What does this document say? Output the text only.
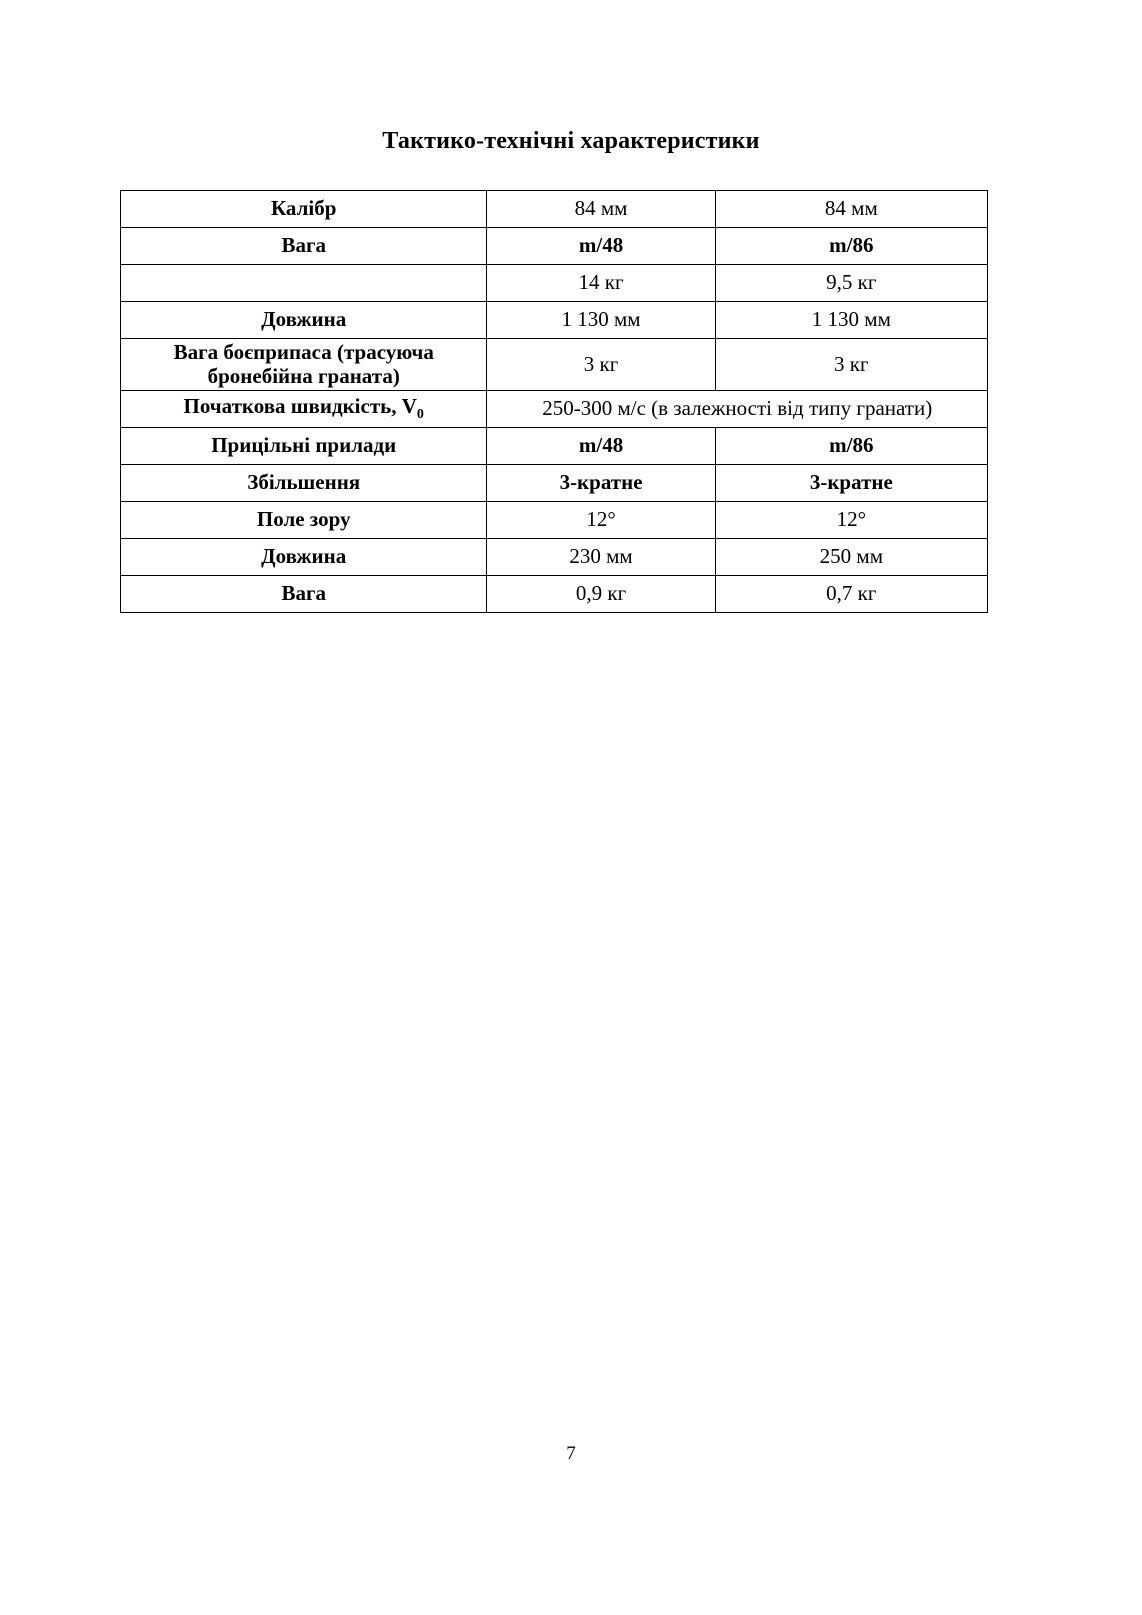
Тактико-технічні характеристики
Калібр	84 мм	84 мм
Вага	m/48	m/86
	14 кг	9,5 кг
Довжина	1 130 мм	1 130 мм
Вага боєприпаса (трасуюча бронебійна граната)	3 кг	3 кг
Початкова швидкість, $V_0$	250-300 м/с (в залежності від типу гранати)	
Прицільні прилади	m/48	m/86
Збільшення	3-кратне	3-кратне
Поле зору	12°	12°
Довжина	230 мм	250 мм
Вага	0,9 кг	0,7 кг
7
